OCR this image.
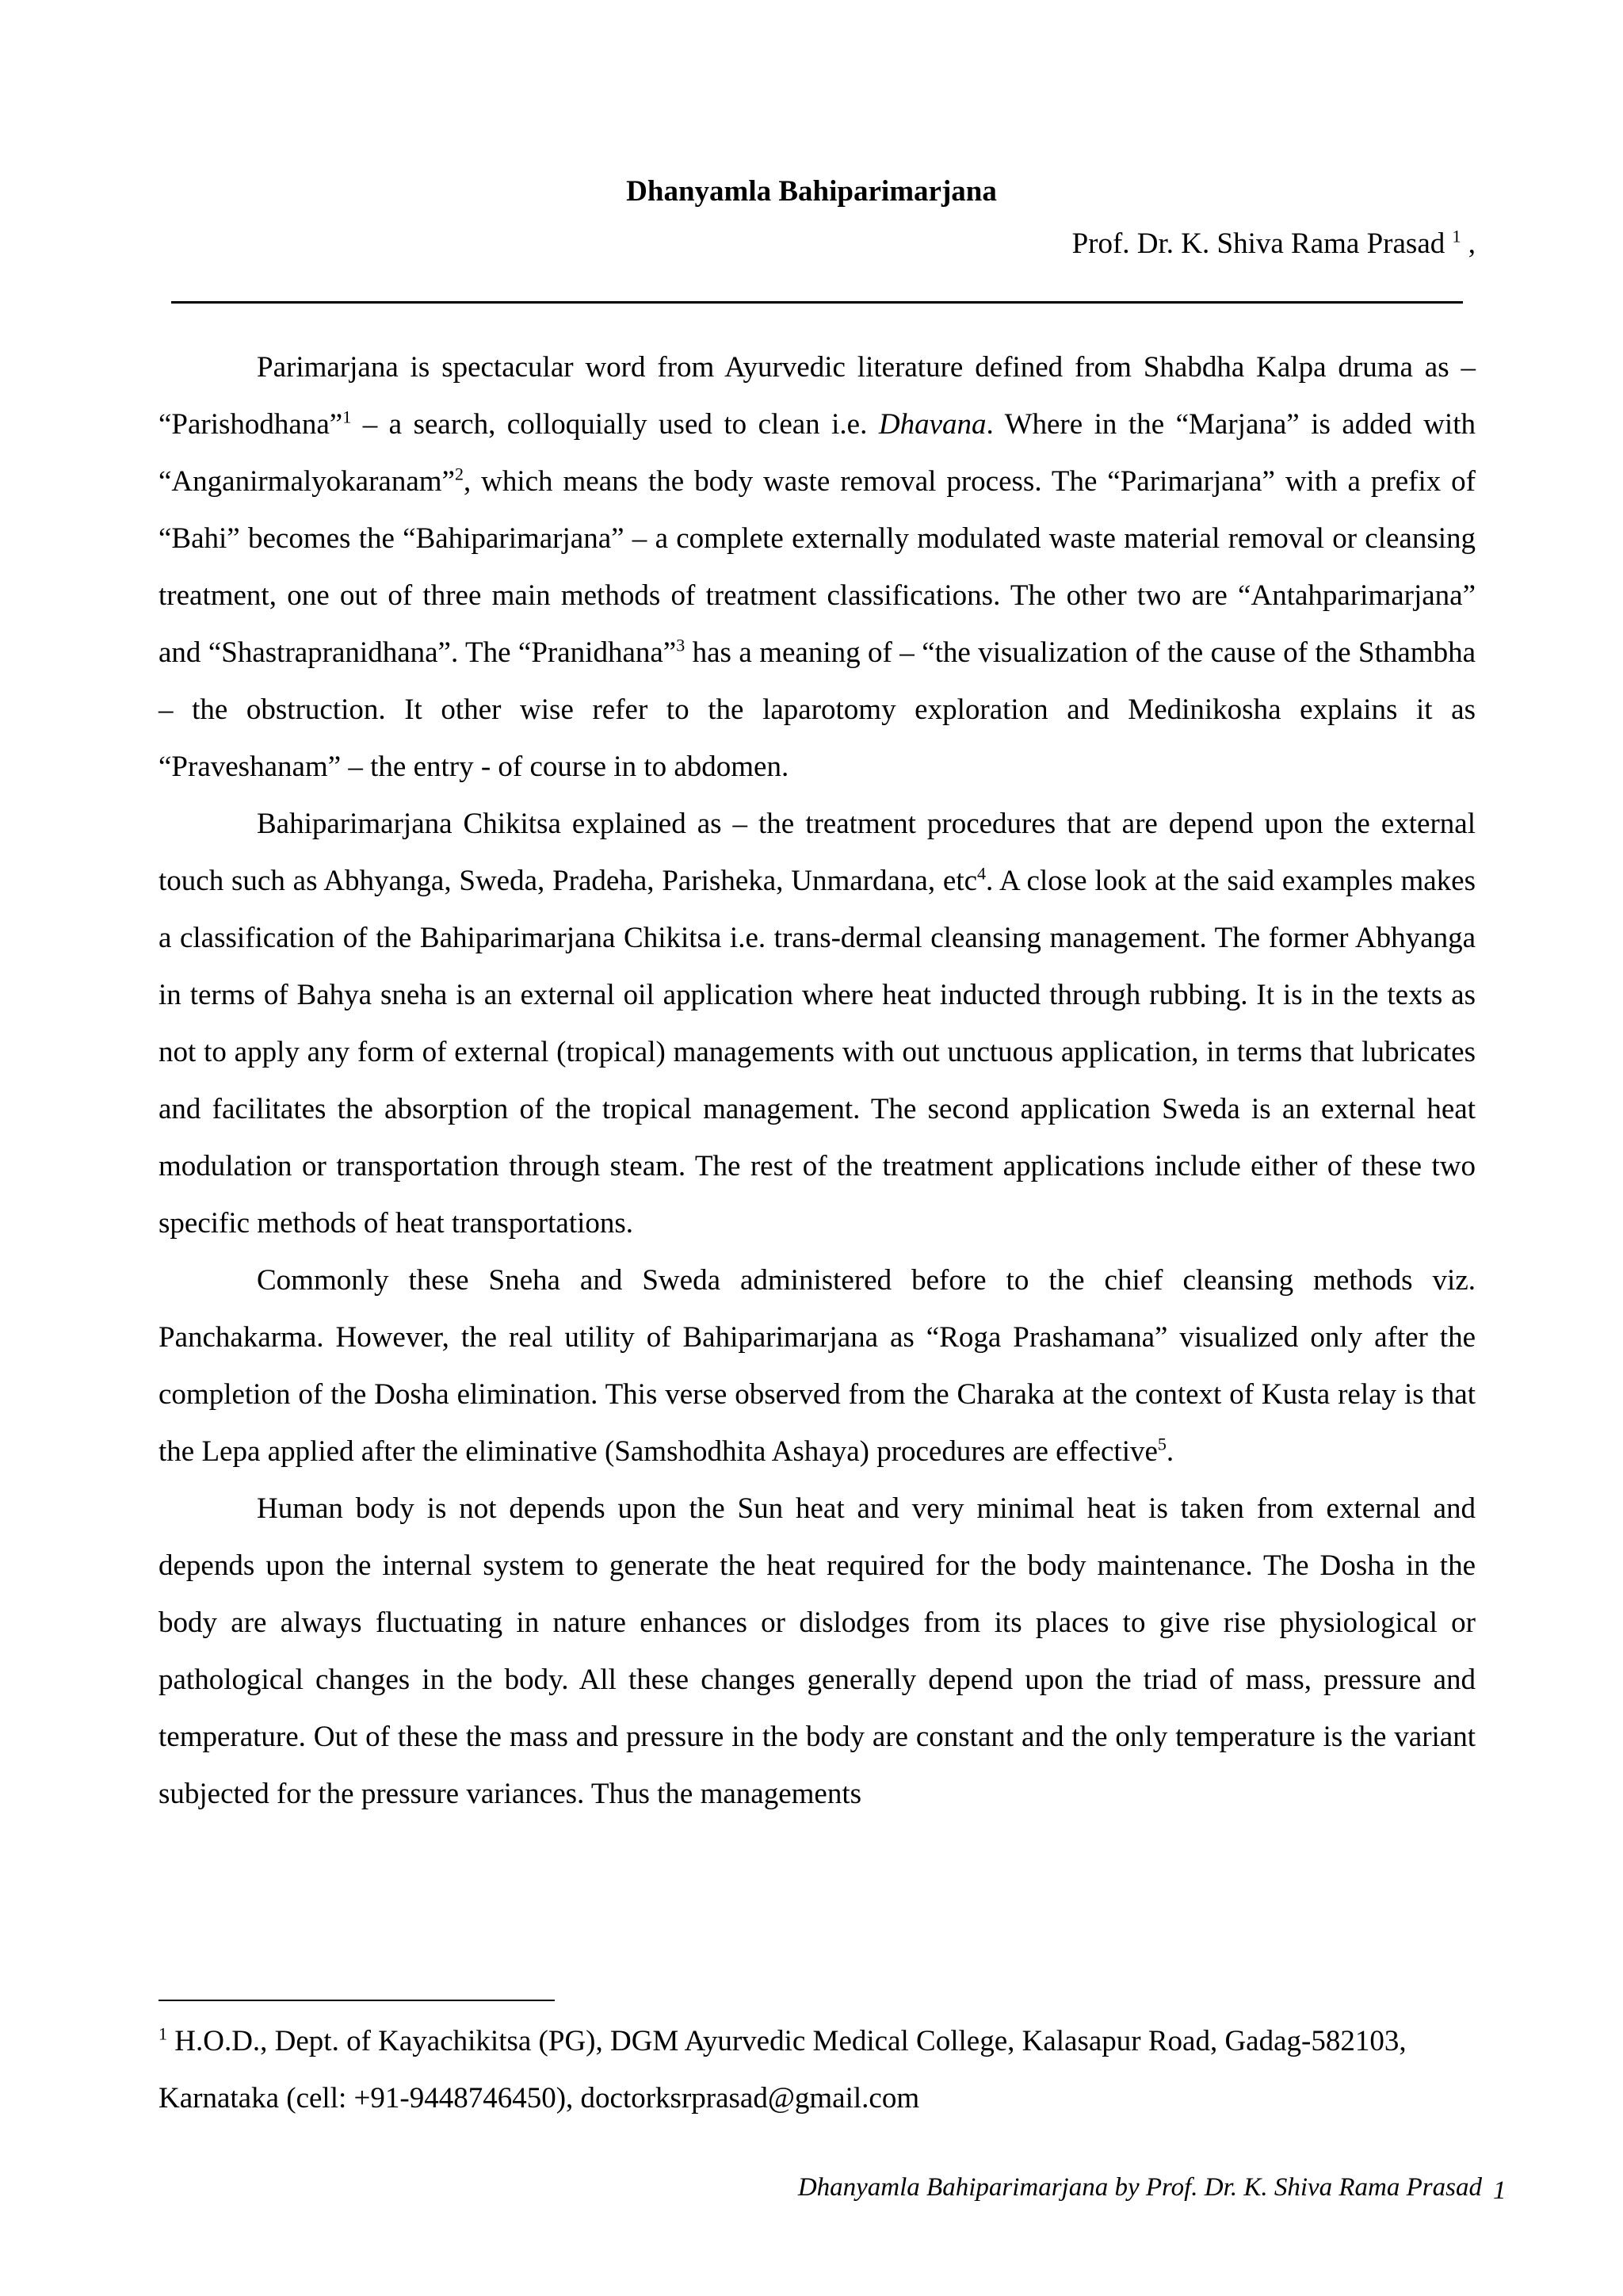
Dhanyamla Bahiparimarjana

Prof. Dr. K. Shiva Rama Prasad $^1$ ,

Parimarjana is spectacular word from Ayurvedic literature defined from Shabdha Kalpa druma as – “Parishodhana”$^1$ – a search, colloquially used to clean i.e. Dhavana. Where in the “Marjana” is added with “Anganirmalyokaranam”$^2$, which means the body waste removal process. The “Parimarjana” with a prefix of “Bahi” becomes the “Bahiparimarjana” – a complete externally modulated waste material removal or cleansing treatment, one out of three main methods of treatment classifications. The other two are “Antahparimarjana” and “Shastrapranidhana”. The “Pranidhana”$^3$ has a meaning of – “the visualization of the cause of the Sthambha – the obstruction. It other wise refer to the laparotomy exploration and Medinikosha explains it as “Praveshanam” – the entry - of course in to abdomen.

Bahiparimarjana Chikitsa explained as – the treatment procedures that are depend upon the external touch such as Abhyanga, Sweda, Pradeha, Parisheka, Unmardana, etc$^4$. A close look at the said examples makes a classification of the Bahiparimarjana Chikitsa i.e. trans-dermal cleansing management. The former Abhyanga in terms of Bahya sneha is an external oil application where heat inducted through rubbing. It is in the texts as not to apply any form of external (tropical) managements with out unctuous application, in terms that lubricates and facilitates the absorption of the tropical management. The second application Sweda is an external heat modulation or transportation through steam. The rest of the treatment applications include either of these two specific methods of heat transportations.

Commonly these Sneha and Sweda administered before to the chief cleansing methods viz. Panchakarma. However, the real utility of Bahiparimarjana as “Roga Prashamana” visualized only after the completion of the Dosha elimination. This verse observed from the Charaka at the context of Kusta relay is that the Lepa applied after the eliminative (Samshodhita Ashaya) procedures are effective$^5$.

Human body is not depends upon the Sun heat and very minimal heat is taken from external and depends upon the internal system to generate the heat required for the body maintenance. The Dosha in the body are always fluctuating in nature enhances or dislodges from its places to give rise physiological or pathological changes in the body. All these changes generally depend upon the triad of mass, pressure and temperature. Out of these the mass and pressure in the body are constant and the only temperature is the variant subjected for the pressure variances. Thus the managements

$^1$ H.O.D., Dept. of Kayachikitsa (PG), DGM Ayurvedic Medical College, Kalasapur Road, Gadag-582103, Karnataka (cell: +91-9448746450), doctorksrprasad@gmail.com

Dhanyamla Bahiparimarjana by Prof. Dr. K. Shiva Rama Prasad 1
